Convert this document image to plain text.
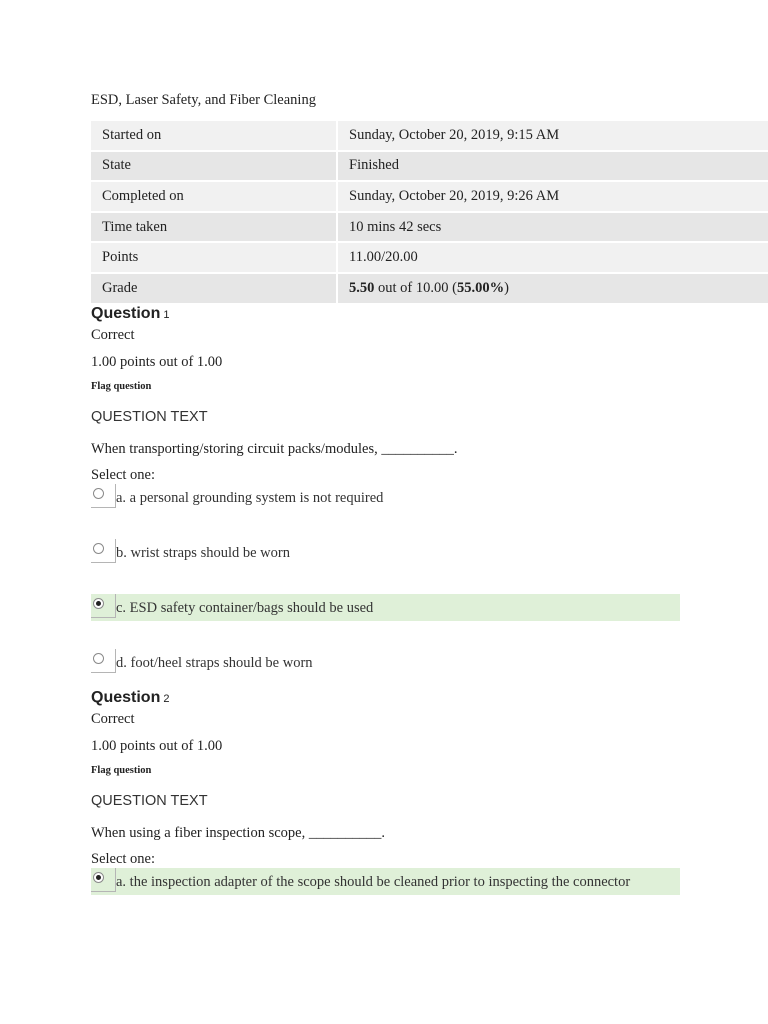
ESD, Laser Safety, and Fiber Cleaning
Started on	Sunday, October 20, 2019, 9:15 AM
State	Finished
Completed on	Sunday, October 20, 2019, 9:26 AM
Time taken	10 mins 42 secs
Points	11.00/20.00
Grade	5.50 out of 10.00 (55.00%)
Question 1
Correct
1.00 points out of 1.00
Flag question
QUESTION TEXT
When transporting/storing circuit packs/modules, __________.
Select one:
a. a personal grounding system is not required
b. wrist straps should be worn
c. ESD safety container/bags should be used
d. foot/heel straps should be worn
Question 2
Correct
1.00 points out of 1.00
Flag question
QUESTION TEXT
When using a fiber inspection scope, __________.
Select one:
a. the inspection adapter of the scope should be cleaned prior to inspecting the connector
